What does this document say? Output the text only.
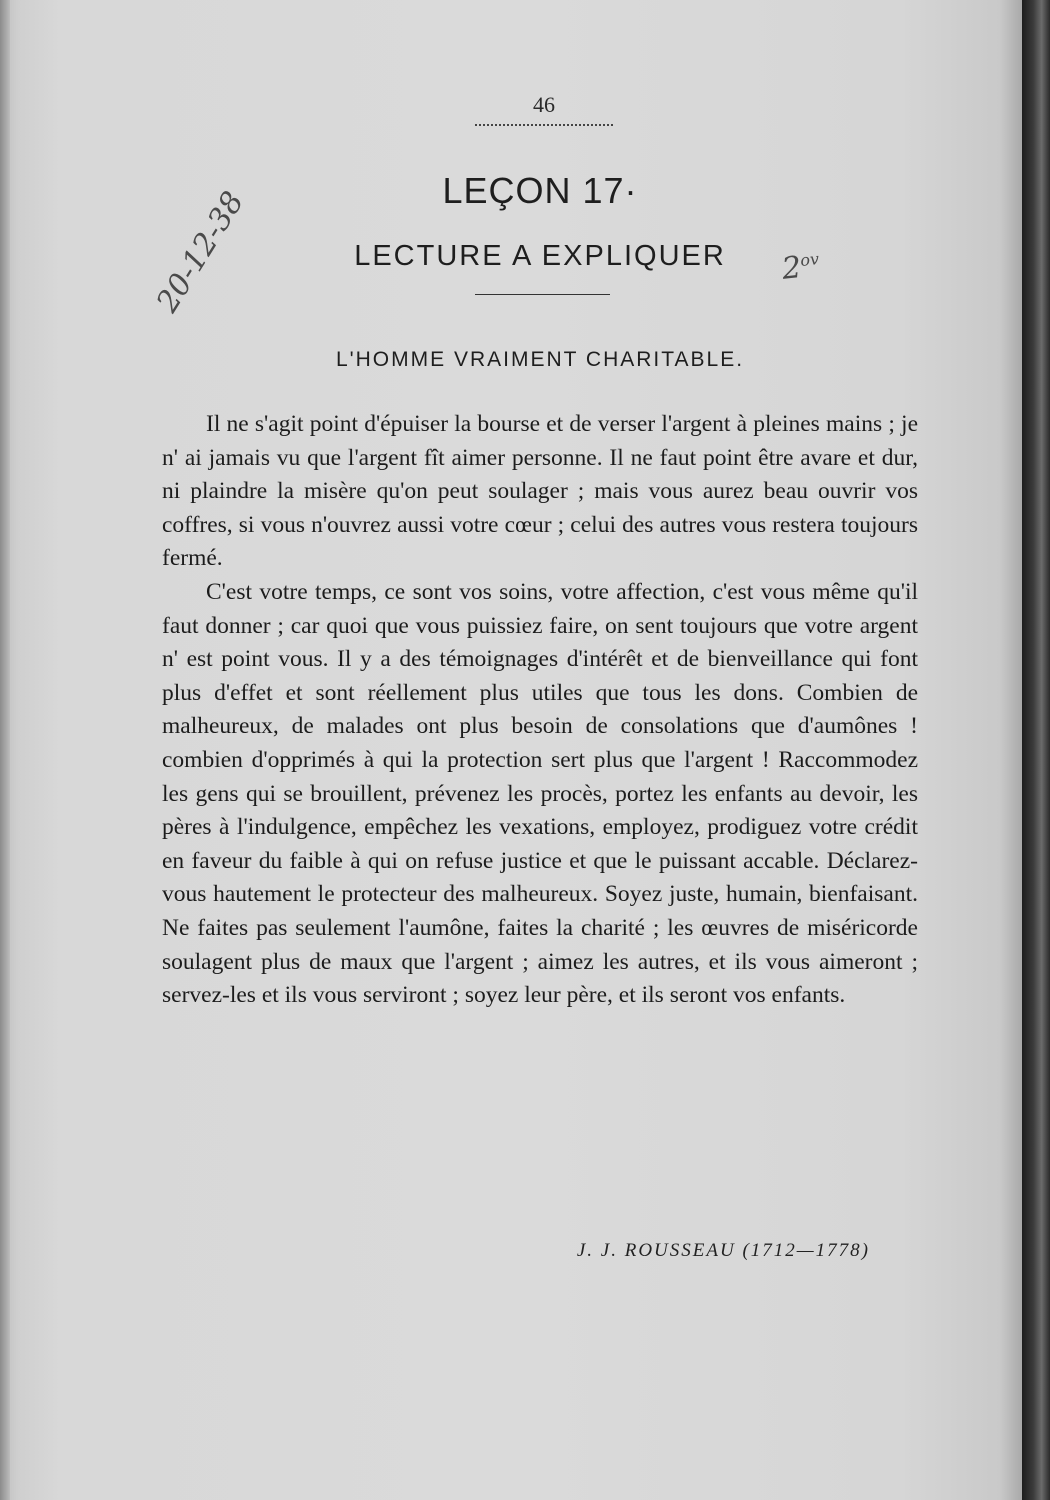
46
LEÇON 17·
LECTURE A EXPLIQUER
L'HOMME VRAIMENT CHARITABLE.

Il ne s'agit point d'épuiser la bourse et de verser l'argent à pleines mains ; je n' ai jamais vu que l'argent fît aimer personne. Il ne faut point être avare et dur, ni plaindre la misère qu'on peut soulager ; mais vous aurez beau ouvrir vos coffres, si vous n'ouvrez aussi votre cœur ; celui des autres vous restera toujours fermé.

C'est votre temps, ce sont vos soins, votre affection, c'est vous même qu'il faut donner ; car quoi que vous puissiez faire, on sent toujours que votre argent n' est point vous. Il y a des témoignages d'intérêt et de bienveillance qui font plus d'effet et sont réellement plus utiles que tous les dons. Combien de malheureux, de malades ont plus besoin de consolations que d'aumônes ! combien d'opprimés à qui la protection sert plus que l'argent ! Raccommodez les gens qui se brouillent, prévenez les procès, portez les enfants au devoir, les pères à l'indulgence, empêchez les vexations, employez, prodiguez votre crédit en faveur du faible à qui on refuse justice et que le puissant accable. Déclarez-vous hautement le protecteur des malheureux. Soyez juste, humain, bienfaisant. Ne faites pas seulement l'aumône, faites la charité ; les œuvres de miséricorde soulagent plus de maux que l'argent ; aimez les autres, et ils vous aimeront ; servez-les et ils vous serviront ; soyez leur père, et ils seront vos enfants.

J. J. ROUSSEAU (1712—1778)
20-12-38	$2^{ov}$
